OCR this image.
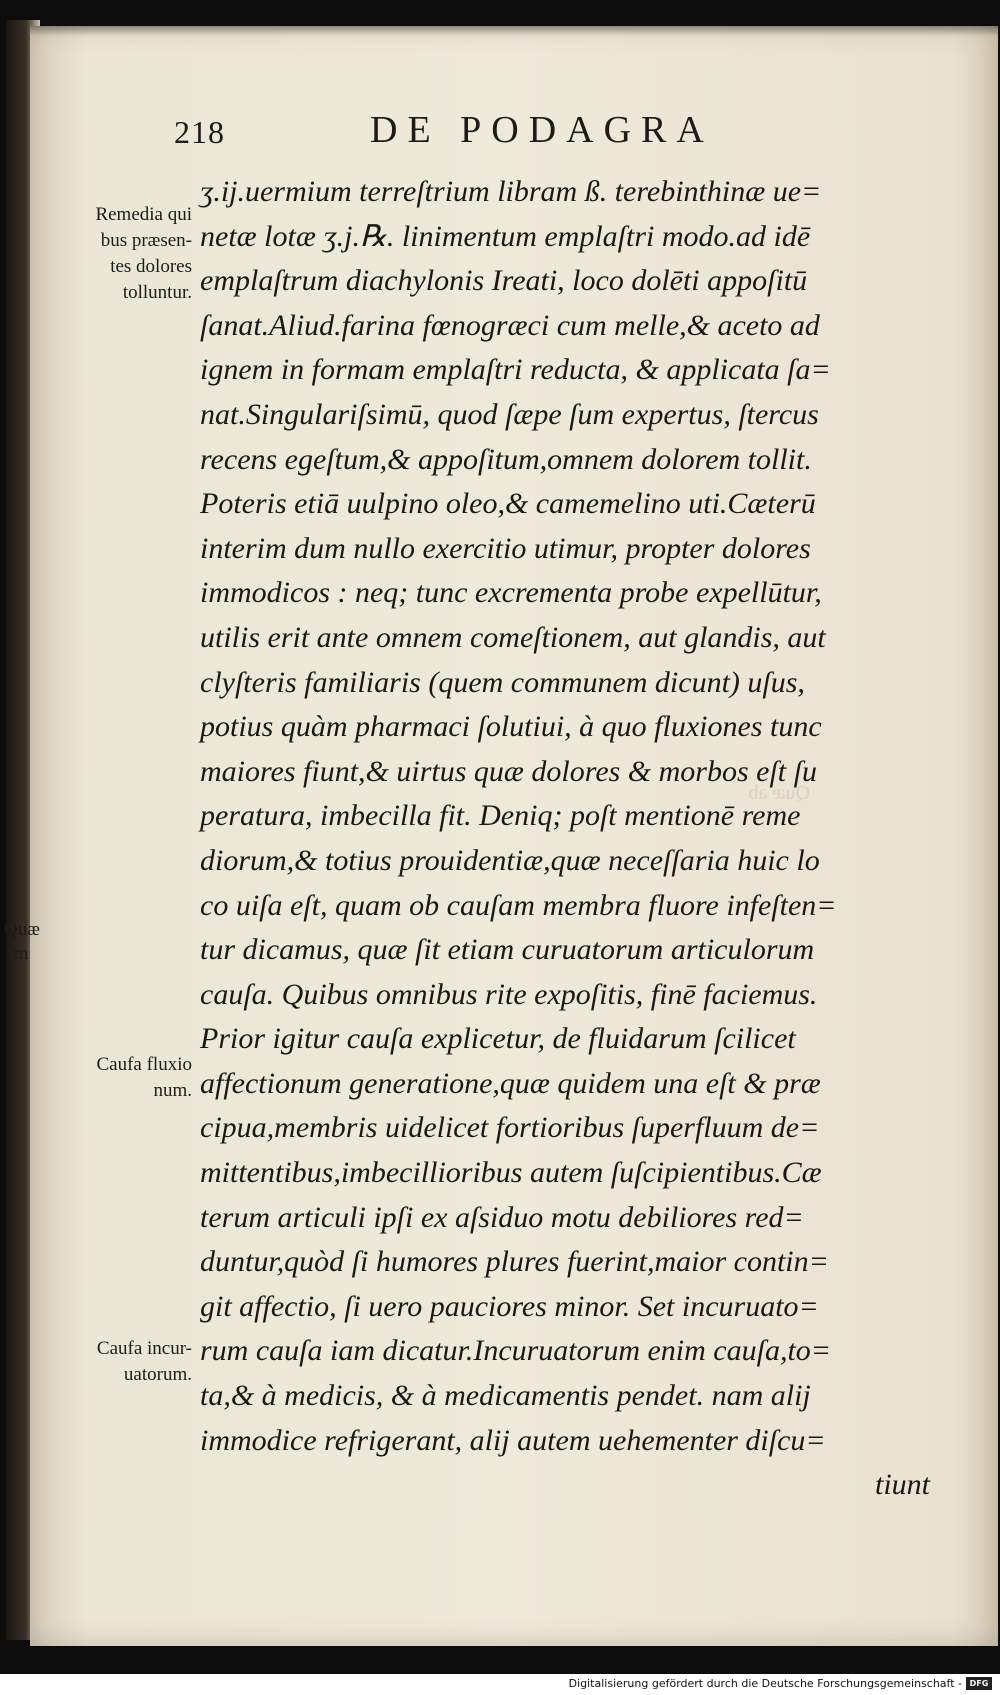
Quæ ab
218	DE PODAGRA
Remedia qui
bus præsen-
tes dolores
tolluntur.
Quæ
, m
Caufa fluxio
num.
Caufa incur-
uatorum.
ʒ.ij.uermium terreſtrium libram ß. terebinthinæ ue=
netæ lotæ ʒ.j.℞. linimentum emplaſtri modo.ad idē
emplaſtrum diachylonis Ireati, loco dolēti appoſitū
ſanat.Aliud.farina fœnogræci cum melle,& aceto ad
ignem in formam emplaſtri reducta, & applicata ſa=
nat.Singulariſsimū, quod ſæpe ſum expertus, ſtercus
recens egeſtum,& appoſitum,omnem dolorem tollit.
Poteris etiā uulpino oleo,& camemelino uti.Cæterū
interim dum nullo exercitio utimur, propter dolores
immodicos : neq; tunc excrementa probe expellūtur,
utilis erit ante omnem comeſtionem, aut glandis, aut
clyſteris familiaris (quem communem dicunt) uſus,
potius quàm pharmaci ſolutiui, à quo fluxiones tunc
maiores fiunt,& uirtus quæ dolores & morbos eſt ſu
peratura, imbecilla fit. Deniq; poſt mentionē reme
diorum,& totius prouidentiæ,quæ neceſſaria huic lo
co uiſa eſt, quam ob cauſam membra fluore infeſten=
tur dicamus, quæ ſit etiam curuatorum articulorum
cauſa. Quibus omnibus rite expoſitis, finē faciemus.
Prior igitur cauſa explicetur, de fluidarum ſcilicet
affectionum generatione,quæ quidem una eſt & præ
cipua,membris uidelicet fortioribus ſuperfluum de=
mittentibus,imbecillioribus autem ſuſcipientibus.Cæ
terum articuli ipſi ex aſsiduo motu debiliores red=
duntur,quòd ſi humores plures fuerint,maior contin=
git affectio, ſi uero pauciores minor. Set incuruato=
rum cauſa iam dicatur.Incuruatorum enim cauſa,to=
ta,& à medicis, & à medicamentis pendet. nam alij
immodice refrigerant, alij autem uehementer diſcu=
tiunt
Digitalisierung gefördert durch die Deutsche Forschungsgemeinschaft - DFG
